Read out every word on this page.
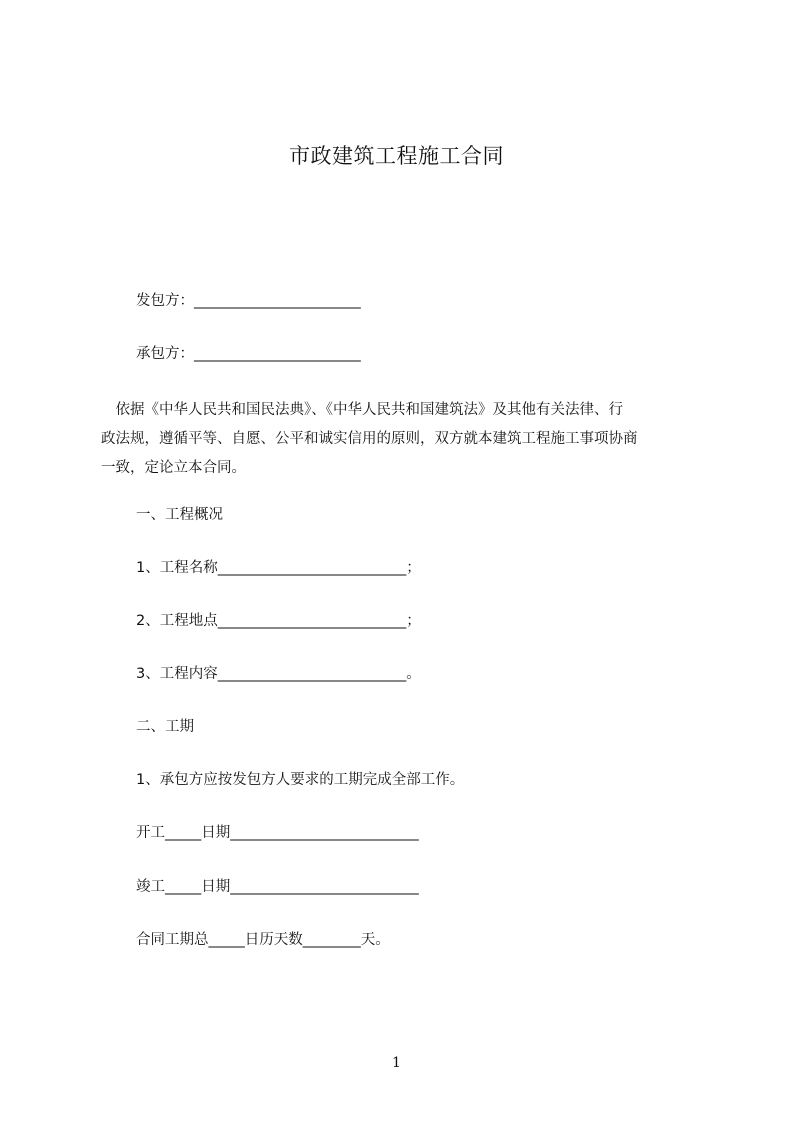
市政建筑工程施工合同
发包方：_______________________
承包方：_______________________
　依据《中华人民共和国民法典》、《中华人民共和国建筑法》及其他有关法律、行
政法规，遵循平等、自愿、公平和诚实信用的原则，双方就本建筑工程施工事项协商
一致，定论立本合同。
一、工程概况
1、工程名称__________________________；
2、工程地点__________________________；
3、工程内容__________________________。
二、工期
1、承包方应按发包方人要求的工期完成全部工作。
开工_____日期__________________________
竣工_____日期__________________________
合同工期总_____日历天数________天。
1
